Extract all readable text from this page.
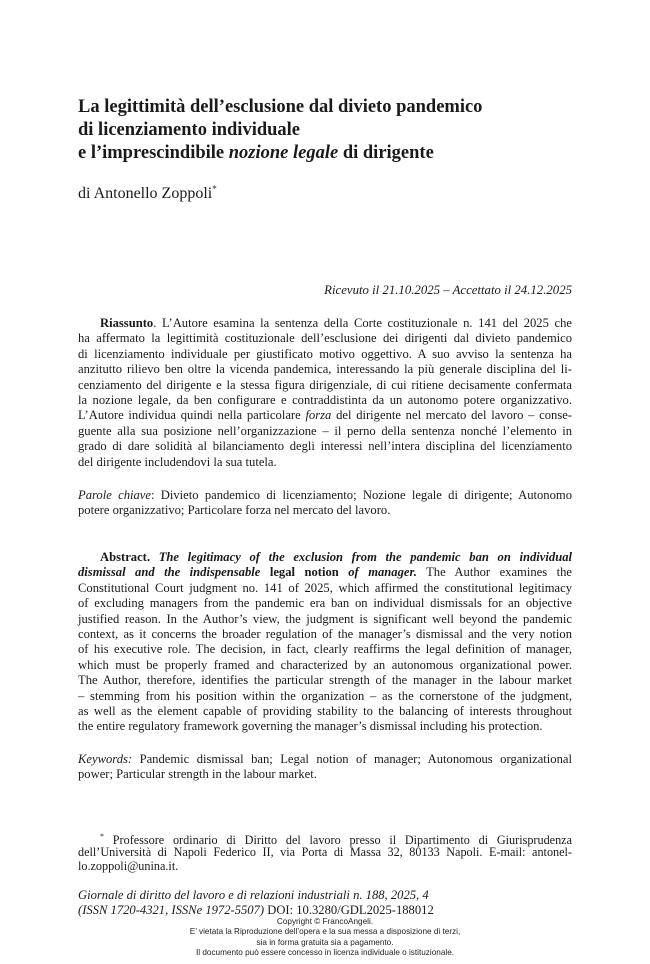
La legittimità dell’esclusione dal divieto pandemico
di licenziamento individuale
e l’imprescindibile nozione legale di dirigente
di Antonello Zoppoli*
Ricevuto il 21.10.2025 – Accettato il 24.12.2025
Riassunto. L’Autore esamina la sentenza della Corte costituzionale n. 141 del 2025 che
ha affermato la legittimità costituzionale dell’esclusione dei dirigenti dal divieto pandemico
di licenziamento individuale per giustificato motivo oggettivo. A suo avviso la sentenza ha
anzitutto rilievo ben oltre la vicenda pandemica, interessando la più generale disciplina del li-
cenziamento del dirigente e la stessa figura dirigenziale, di cui ritiene decisamente confermata
la nozione legale, da ben configurare e contraddistinta da un autonomo potere organizzativo.
L’Autore individua quindi nella particolare forza del dirigente nel mercato del lavoro – conse-
guente alla sua posizione nell’organizzazione – il perno della sentenza nonché l’elemento in
grado di dare solidità al bilanciamento degli interessi nell’intera disciplina del licenziamento
del dirigente includendovi la sua tutela.
Parole chiave: Divieto pandemico di licenziamento; Nozione legale di dirigente; Autonomo
potere organizzativo; Particolare forza nel mercato del lavoro.
Abstract. The legitimacy of the exclusion from the pandemic ban on individual
dismissal and the indispensable legal notion of manager. The Author examines the
Constitutional Court judgment no. 141 of 2025, which affirmed the constitutional legitimacy
of excluding managers from the pandemic era ban on individual dismissals for an objective
justified reason. In the Author’s view, the judgment is significant well beyond the pandemic
context, as it concerns the broader regulation of the manager’s dismissal and the very notion
of his executive role. The decision, in fact, clearly reaffirms the legal definition of manager,
which must be properly framed and characterized by an autonomous organizational power.
The Author, therefore, identifies the particular strength of the manager in the labour market
– stemming from his position within the organization – as the cornerstone of the judgment,
as well as the element capable of providing stability to the balancing of interests throughout
the entire regulatory framework governing the manager’s dismissal including his protection.
Keywords: Pandemic dismissal ban; Legal notion of manager; Autonomous organizational
power; Particular strength in the labour market.
* Professore ordinario di Diritto del lavoro presso il Dipartimento di Giurisprudenza
dell’Università di Napoli Federico II, via Porta di Massa 32, 80133 Napoli. E-mail: antonel-
lo.zoppoli@unina.it.
Giornale di diritto del lavoro e di relazioni industriali n. 188, 2025, 4
(ISSN 1720-4321, ISSNe 1972-5507) DOI: 10.3280/GDL2025-188012
Copyright © FrancoAngeli.
E’ vietata la Riproduzione dell’opera e la sua messa a disposizione di terzi,
sia in forma gratuita sia a pagamento.
Il documento può essere concesso in licenza individuale o istituzionale.
